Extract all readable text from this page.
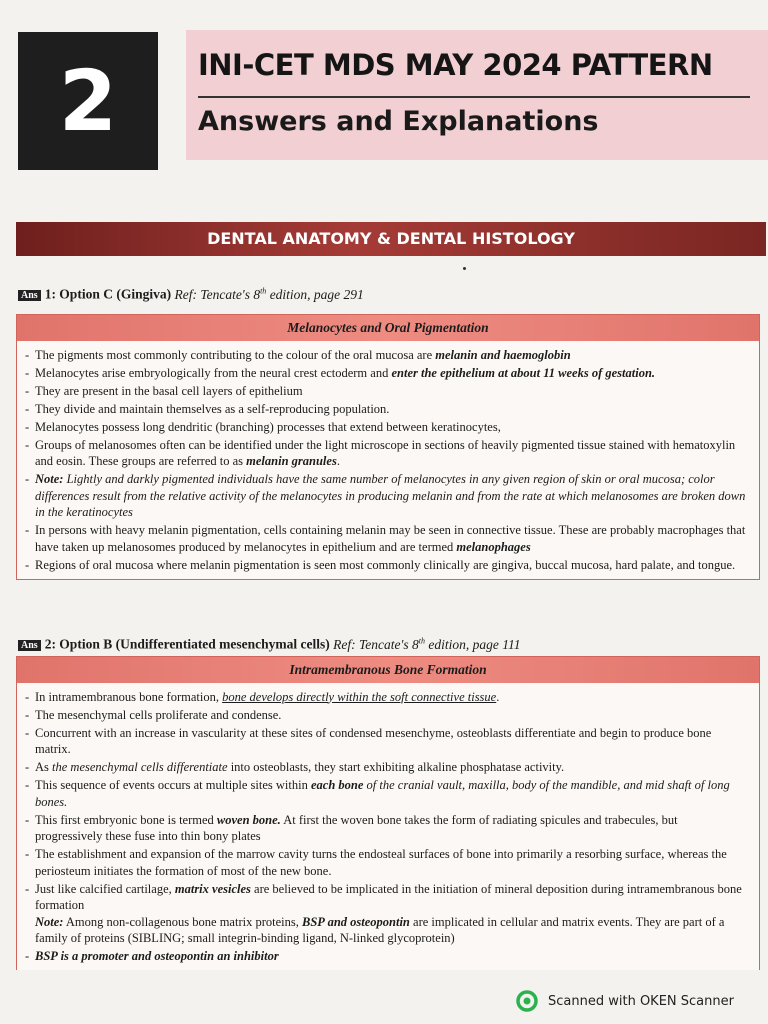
2	INI-CET MDS MAY 2024 PATTERN
Answers and Explanations
DENTAL ANATOMY & DENTAL HISTOLOGY
Ans 1: Option C (Gingiva) Ref: Tencate's 8th edition, page 291
Melanocytes and Oral Pigmentation
- The pigments most commonly contributing to the colour of the oral mucosa are melanin and haemoglobin
- Melanocytes arise embryologically from the neural crest ectoderm and enter the epithelium at about 11 weeks of gestation.
- They are present in the basal cell layers of epithelium
- They divide and maintain themselves as a self-reproducing population.
- Melanocytes possess long dendritic (branching) processes that extend between keratinocytes,
- Groups of melanosomes often can be identified under the light microscope in sections of heavily pigmented tissue stained with hematoxylin and eosin. These groups are referred to as melanin granules.
- Note: Lightly and darkly pigmented individuals have the same number of melanocytes in any given region of skin or oral mucosa; color differences result from the relative activity of the melanocytes in producing melanin and from the rate at which melanosomes are broken down in the keratinocytes
- In persons with heavy melanin pigmentation, cells containing melanin may be seen in connective tissue. These are probably macrophages that have taken up melanosomes produced by melanocytes in epithelium and are termed melanophages
- Regions of oral mucosa where melanin pigmentation is seen most commonly clinically are gingiva, buccal mucosa, hard palate, and tongue.
Ans 2: Option B (Undifferentiated mesenchymal cells) Ref: Tencate's 8th edition, page 111
Intramembranous Bone Formation
- In intramembranous bone formation, bone develops directly within the soft connective tissue.
- The mesenchymal cells proliferate and condense.
- Concurrent with an increase in vascularity at these sites of condensed mesenchyme, osteoblasts differentiate and begin to produce bone matrix.
- As the mesenchymal cells differentiate into osteoblasts, they start exhibiting alkaline phosphatase activity.
- This sequence of events occurs at multiple sites within each bone of the cranial vault, maxilla, body of the mandible, and mid shaft of long bones.
- This first embryonic bone is termed woven bone. At first the woven bone takes the form of radiating spicules and trabecules, but progressively these fuse into thin bony plates
- The establishment and expansion of the marrow cavity turns the endosteal surfaces of bone into primarily a resorbing surface, whereas the periosteum initiates the formation of most of the new bone.
- Just like calcified cartilage, matrix vesicles are believed to be implicated in the initiation of mineral deposition during intramembranous bone formation
Note: Among non-collagenous bone matrix proteins, BSP and osteopontin are implicated in cellular and matrix events. They are part of a family of proteins (SIBLING; small integrin-binding ligand, N-linked glycoprotein)
- BSP is a promoter and osteopontin an inhibitor
Scanned with OKEN Scanner
